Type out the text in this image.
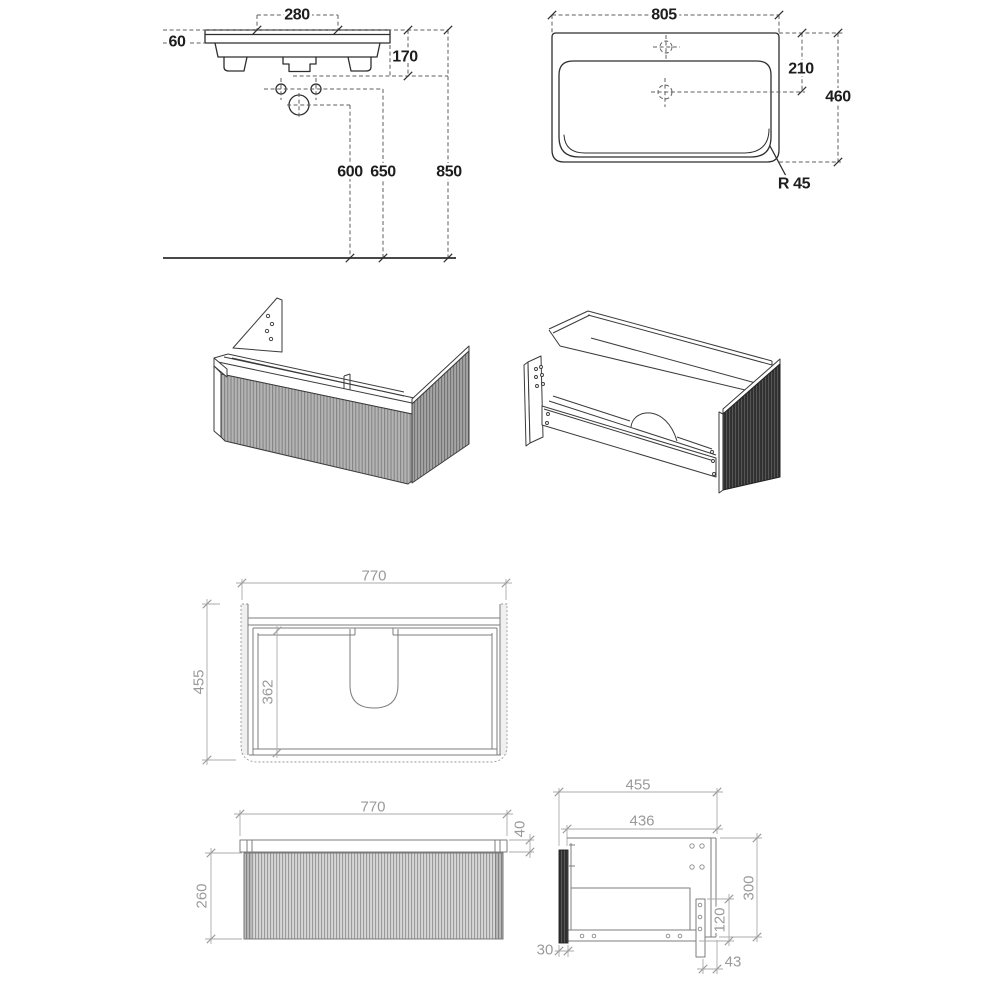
280
60
170
600 650	850
805
210
460
R 45
770
455	362
770
40
260
455
436
300
120
30
43
